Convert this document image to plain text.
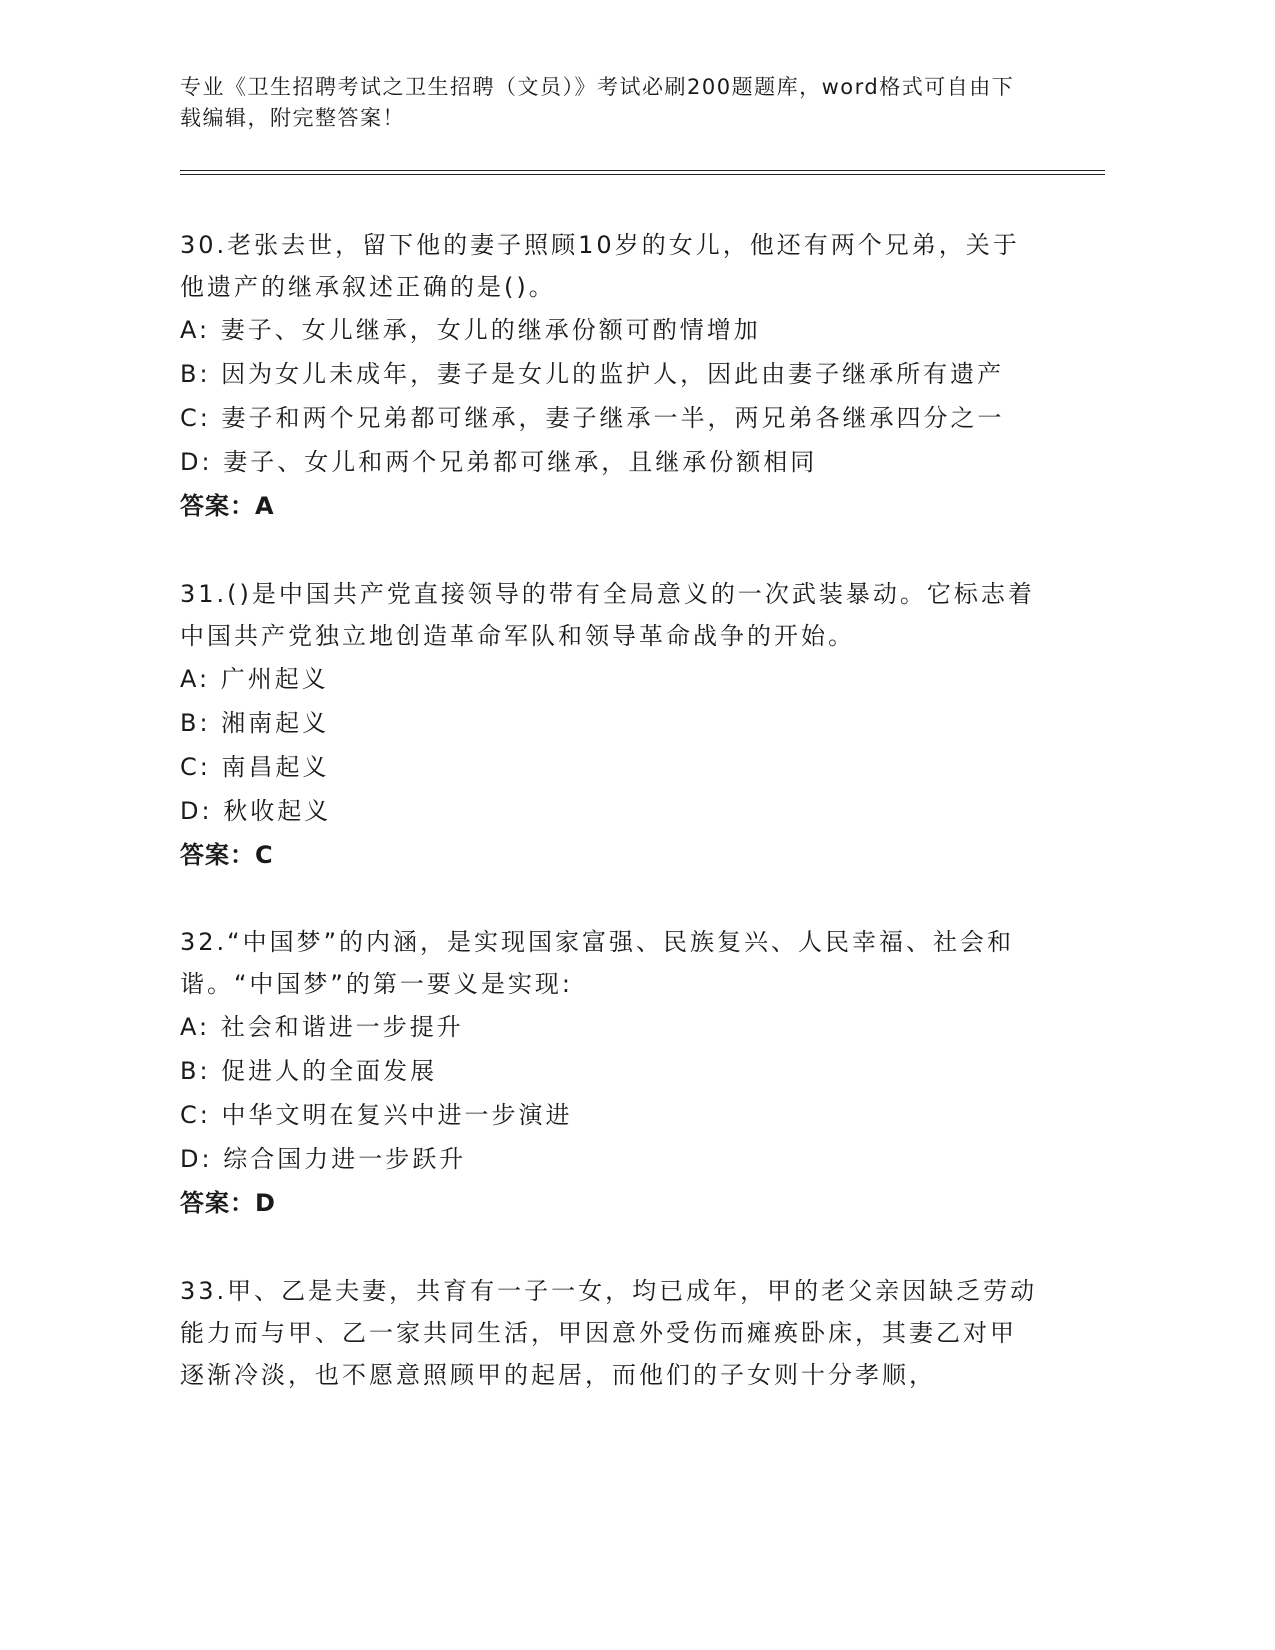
专业《卫生招聘考试之卫生招聘（文员）》考试必刷200题题库，word格式可自由下载编辑，附完整答案！

30.老张去世，留下他的妻子照顾10岁的女儿，他还有两个兄弟，关于他遗产的继承叙述正确的是()。

A: 妻子、女儿继承，女儿的继承份额可酌情增加

B: 因为女儿未成年，妻子是女儿的监护人，因此由妻子继承所有遗产

C: 妻子和两个兄弟都可继承，妻子继承一半，两兄弟各继承四分之一

D: 妻子、女儿和两个兄弟都可继承，且继承份额相同

答案：A

31.()是中国共产党直接领导的带有全局意义的一次武装暴动。它标志着中国共产党独立地创造革命军队和领导革命战争的开始。

A: 广州起义

B: 湘南起义

C: 南昌起义

D: 秋收起义

答案：C

32.“中国梦”的内涵，是实现国家富强、民族复兴、人民幸福、社会和谐。“中国梦”的第一要义是实现:

A: 社会和谐进一步提升

B: 促进人的全面发展

C: 中华文明在复兴中进一步演进

D: 综合国力进一步跃升

答案：D

33.甲、乙是夫妻，共育有一子一女，均已成年，甲的老父亲因缺乏劳动能力而与甲、乙一家共同生活，甲因意外受伤而瘫痪卧床，其妻乙对甲逐渐冷淡，也不愿意照顾甲的起居，而他们的子女则十分孝顺，
